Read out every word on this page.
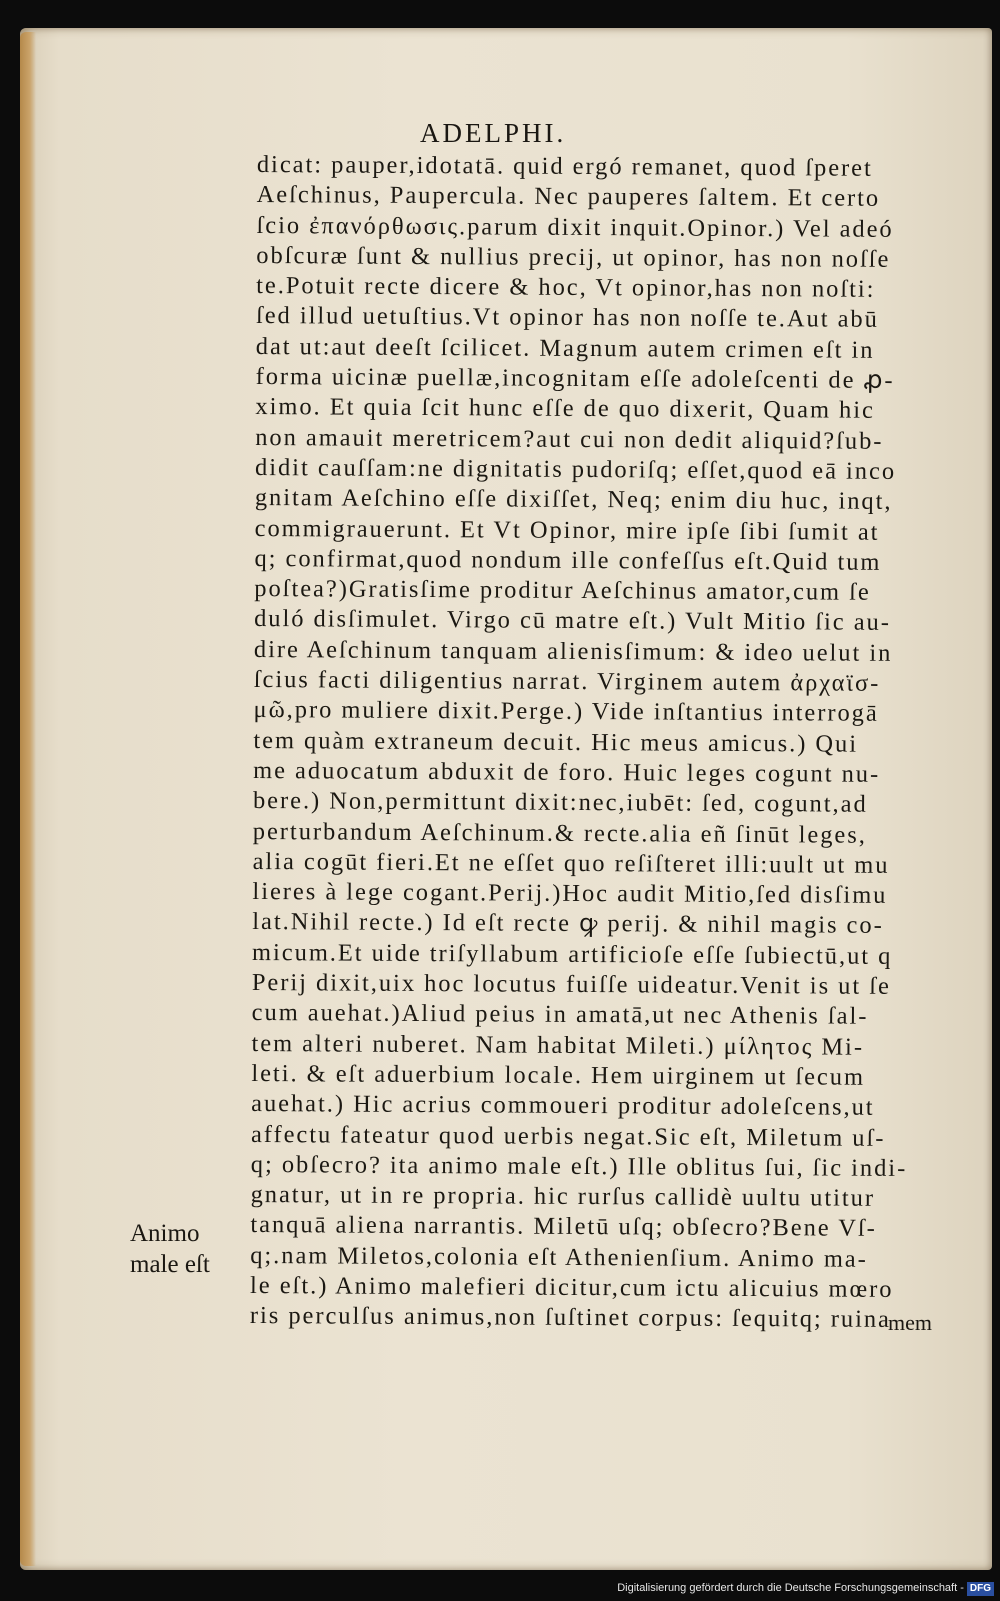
ADELPHI.
dicat: pauper,idotatā. quid ergó remanet, quod ſperet
Aeſchinus, Paupercula. Nec pauperes ſaltem. Et certo
ſcio ἐπανόρθωσις.parum dixit inquit.Opinor.) Vel adeó
obſcuræ ſunt & nullius precij, ut opinor, has non noſſe
te.Potuit recte dicere & hoc, Vt opinor,has non noſti:
ſed illud uetuſtius.Vt opinor has non noſſe te.Aut abū
dat ut:aut deeſt ſcilicet. Magnum autem crimen eſt in
forma uicinæ puellæ,incognitam eſſe adoleſcenti de ꝓ-
ximo. Et quia ſcit hunc eſſe de quo dixerit, Quam hic
non amauit meretricem?aut cui non dedit aliquid?ſub-
didit cauſſam:ne dignitatis pudoriſq; eſſet,quod eā inco
gnitam Aeſchino eſſe dixiſſet, Neq; enim diu huc, inqt,
commigrauerunt. Et Vt Opinor, mire ipſe ſibi ſumit at
q; confirmat,quod nondum ille confeſſus eſt.Quid tum
poſtea?)Gratisſime proditur Aeſchinus amator,cum ſe
duló disſimulet. Virgo cū matre eſt.) Vult Mitio ſic au-
dire Aeſchinum tanquam alienisſimum: & ideo uelut in
ſcius facti diligentius narrat. Virginem autem ἀρχαϊσ-
μῶ,pro muliere dixit.Perge.) Vide inſtantius interrogā
tem quàm extraneum decuit. Hic meus amicus.) Qui
me aduocatum abduxit de foro. Huic leges cogunt nu-
bere.) Non,permittunt dixit:nec,iubēt: ſed, cogunt,ad
perturbandum Aeſchinum.& recte.alia eñ ſinūt leges,
alia cogūt fieri.Et ne eſſet quo reſiſteret illi:uult ut mu
lieres à lege cogant.Perij.)Hoc audit Mitio,ſed disſimu
lat.Nihil recte.) Id eſt recte ꝙ perij. & nihil magis co-
micum.Et uide triſyllabum artificioſe eſſe ſubiectū,ut q
Perij dixit,uix hoc locutus fuiſſe uideatur.Venit is ut ſe
cum auehat.)Aliud peius in amatā,ut nec Athenis ſal-
tem alteri nuberet. Nam habitat Mileti.) μίλητος Mi-
leti. & eſt aduerbium locale. Hem uirginem ut ſecum
auehat.) Hic acrius commoueri proditur adoleſcens,ut
affectu fateatur quod uerbis negat.Sic eſt, Miletum uſ-
q; obſecro? ita animo male eſt.) Ille oblitus ſui, ſic indi-
gnatur, ut in re propria. hic rurſus callidè uultu utitur
tanquā aliena narrantis. Miletū uſq; obſecro?Bene Vſ-
q;.nam Miletos,colonia eſt Athenienſium. Animo ma-
le eſt.) Animo malefieri dicitur,cum ictu alicuius mœro
ris perculſus animus,non ſuſtinet corpus: ſequitq; ruina
mem
Animo
male eſt
Digitalisierung gefördert durch die Deutsche Forschungsgemeinschaft - DFG
